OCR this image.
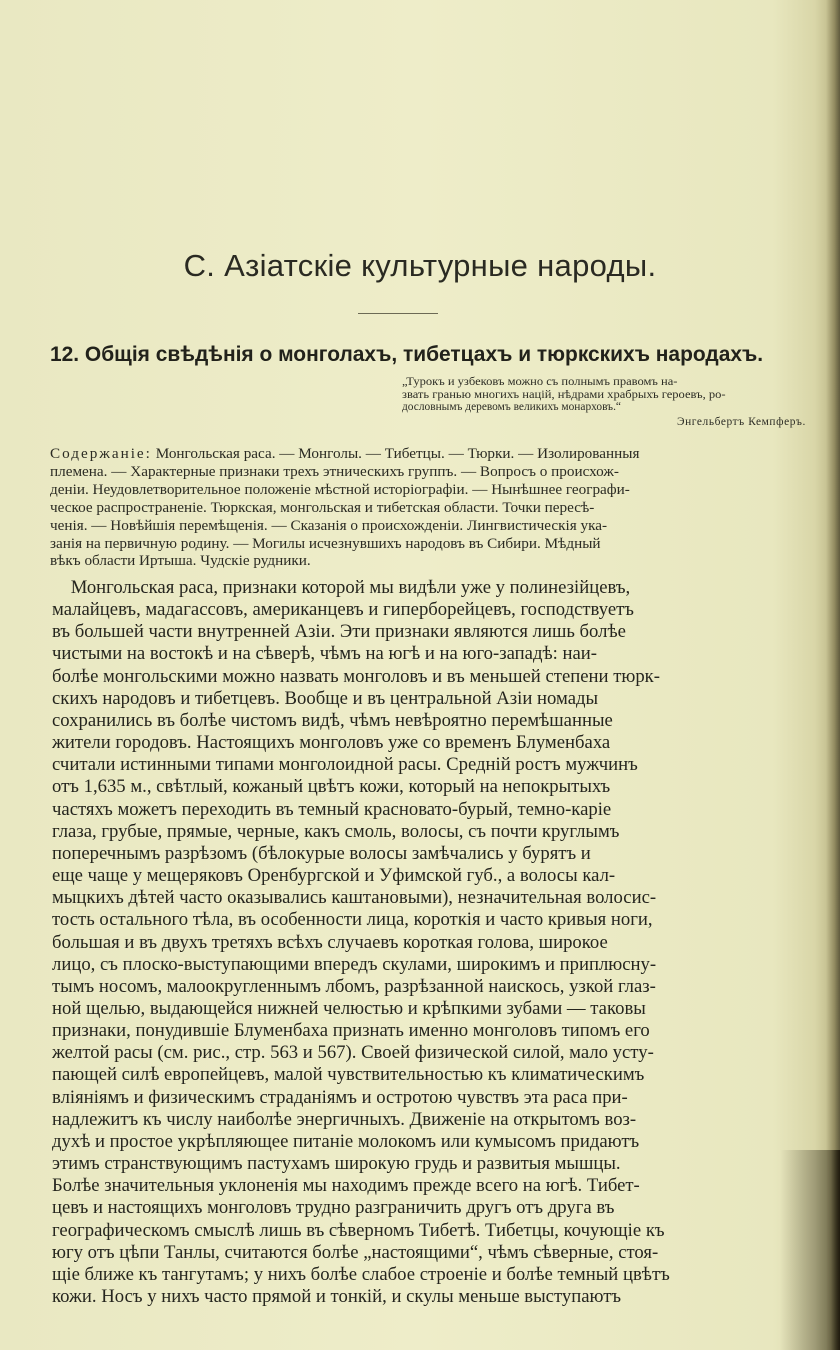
С. Азіатскіе культурные народы.
12. Общія свѣдѣнія о монголахъ, тибетцахъ и тюркскихъ народахъ.
„Турокъ и узбековъ можно съ полнымъ правомъ на-
звать гранью многихъ націй, нѣдрами храбрыхъ героевъ, ро-
дословнымъ деревомъ великихъ монарховъ.“
Энгельбертъ Кемпферъ.
Содержаніе: Монгольская раса. — Монголы. — Тибетцы. — Тюрки. — Изолированныя
племена. — Характерные признаки трехъ этническихъ группъ. — Вопросъ о происхож-
деніи. Неудовлетворительное положеніе мѣстной исторіографіи. — Нынѣшнее географи-
ческое распространеніе. Тюркская, монгольская и тибетская области. Точки пересѣ-
ченія. — Новѣйшія перемѣщенія. — Сказанія о происхожденіи. Лингвистическія ука-
занія на первичную родину. — Могилы исчезнувшихъ народовъ въ Сибири. Мѣдный
вѣкъ области Иртыша. Чудскіе рудники.
Монгольская раса, признаки которой мы видѣли уже у полинезійцевъ,
малайцевъ, мадагассовъ, американцевъ и гиперборейцевъ, господствуетъ
въ большей части внутренней Азіи. Эти признаки являются лишь болѣе
чистыми на востокѣ и на сѣверѣ, чѣмъ на югѣ и на юго-западѣ: наи-
болѣе монгольскими можно назвать монголовъ и въ меньшей степени тюрк-
скихъ народовъ и тибетцевъ. Вообще и въ центральной Азіи номады
сохранились въ болѣе чистомъ видѣ, чѣмъ невѣроятно перемѣшанные
жители городовъ. Настоящихъ монголовъ уже со временъ Блуменбаха
считали истинными типами монголоидной расы. Средній ростъ мужчинъ
отъ 1,635 м., свѣтлый, кожаный цвѣтъ кожи, который на непокрытыхъ
частяхъ можетъ переходить въ темный красновато-бурый, темно-каріе
глаза, грубые, прямые, черные, какъ смоль, волосы, съ почти круглымъ
поперечнымъ разрѣзомъ (бѣлокурые волосы замѣчались у бурятъ и
еще чаще у мещеряковъ Оренбургской и Уфимской губ., а волосы кал-
мыцкихъ дѣтей часто оказывались каштановыми), незначительная волосис-
тость остального тѣла, въ особенности лица, короткія и часто кривыя ноги,
большая и въ двухъ третяхъ всѣхъ случаевъ короткая голова, широкое
лицо, съ плоско-выступающими впередъ скулами, широкимъ и приплюсну-
тымъ носомъ, малоокругленнымъ лбомъ, разрѣзанной наискось, узкой глаз-
ной щелью, выдающейся нижней челюстью и крѣпкими зубами — таковы
признаки, понудившіе Блуменбаха признать именно монголовъ типомъ его
желтой расы (см. рис., стр. 563 и 567). Своей физической силой, мало усту-
пающей силѣ европейцевъ, малой чувствительностью къ климатическимъ
вліяніямъ и физическимъ страданіямъ и остротою чувствъ эта раса при-
надлежитъ къ числу наиболѣе энергичныхъ. Движеніе на открытомъ воз-
духѣ и простое укрѣпляющее питаніе молокомъ или кумысомъ придаютъ
этимъ странствующимъ пастухамъ широкую грудь и развитыя мышцы.
Болѣе значительныя уклоненія мы находимъ прежде всего на югѣ. Тибет-
цевъ и настоящихъ монголовъ трудно разграничить другъ отъ друга въ
географическомъ смыслѣ лишь въ сѣверномъ Тибетѣ. Тибетцы, кочующіе къ
югу отъ цѣпи Танлы, считаются болѣе „настоящими“, чѣмъ сѣверные, стоя-
щіе ближе къ тангутамъ; у нихъ болѣе слабое строеніе и болѣе темный цвѣтъ
кожи. Носъ у нихъ часто прямой и тонкій, и скулы меньше выступаютъ
